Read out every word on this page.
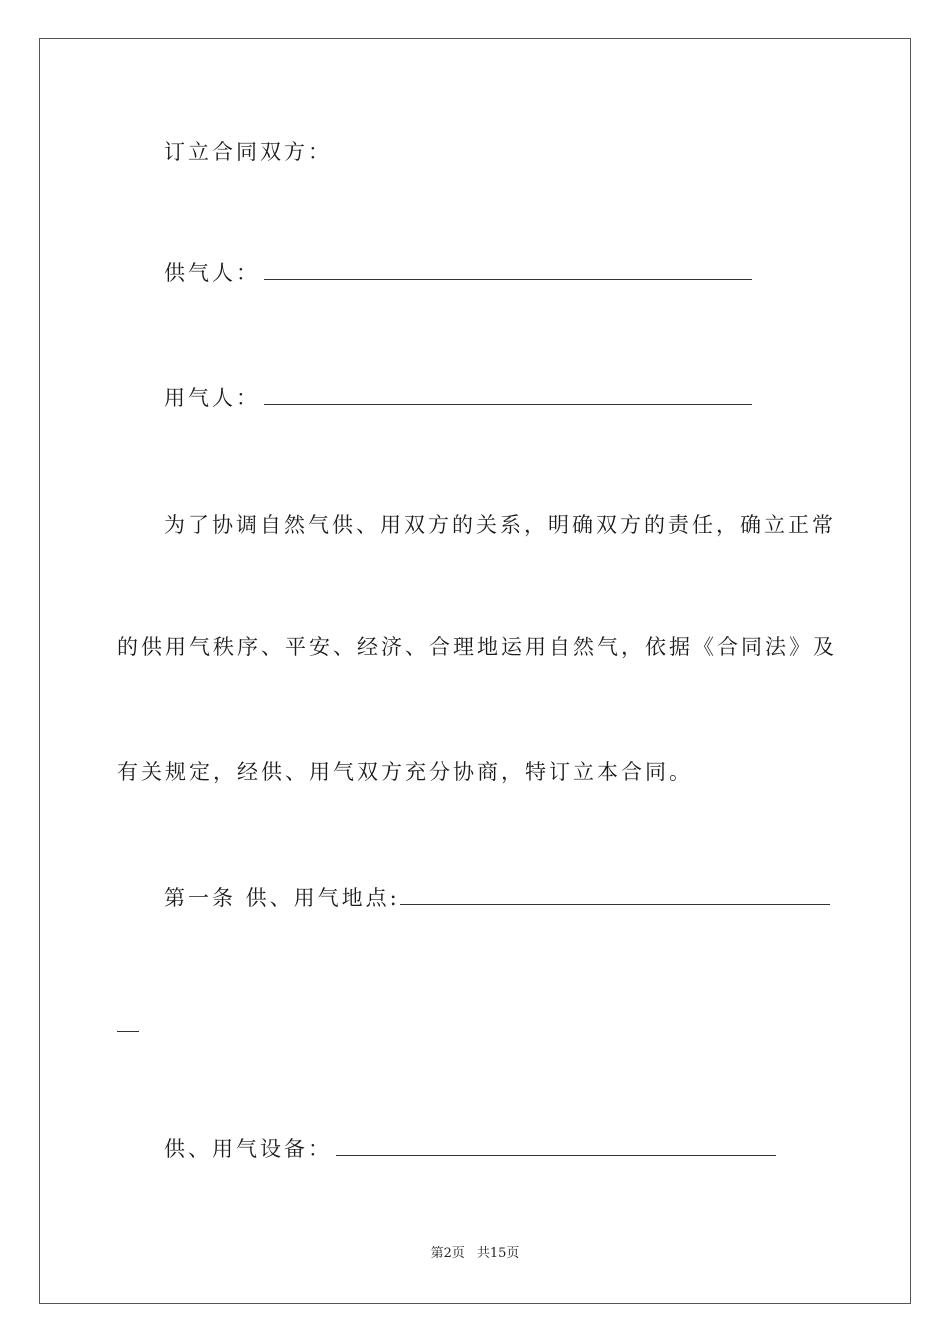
订立合同双方：
供气人：
用气人：
为了协调自然气供、用双方的关系，明确双方的责任，确立正常
的供用气秩序、平安、经济、合理地运用自然气，依据《合同法》及
有关规定，经供、用气双方充分协商，特订立本合同。
第一条 供、用气地点:
供、用气设备：
第2页 共15页
